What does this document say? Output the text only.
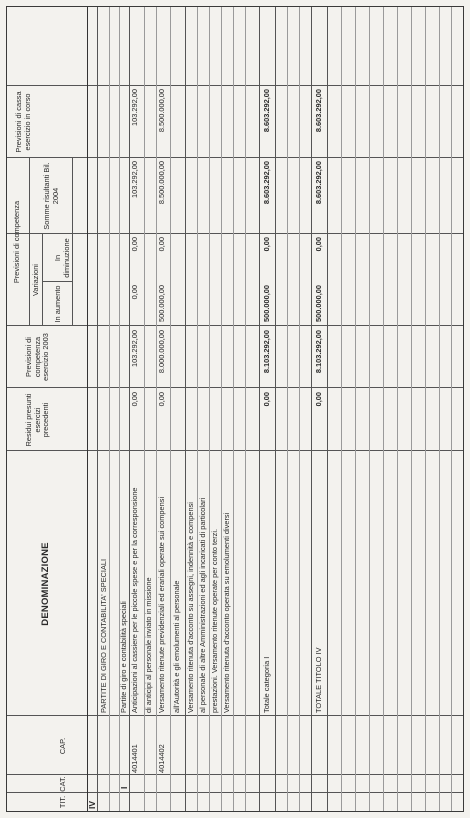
TIT.
CAT.
CAP.
DENOMINAZIONE
Residui presunti esercizi precedenti
Previsioni di competenza esercizio 2003
Previsioni di competenza Variazioni
In aumento
In diminuzione
Somme risultanti Bil. 2004
Previsioni di cassa esercizio in corso
IV
PARTITE DI GIRO E CONTABILITA' SPECIALI
I
Partite di giro e contabilità speciali
4014401
Anticipazioni al cassiere per le piccole spese e per la corresponsione di anticipi al personale inviato in missione
0,00
103.292,00
0,00
0,00
103.292,00
103.292,00
4014402
Versamento ritenute previdenziali ed erariali operate sui compensi all'Autorità e gli emolumenti al personale Versamento ritenuta d'acconto su assegni, indennità e compensi al personale di altre Amministrazioni ed agli incaricati di particolari prestazioni. Versamento ritenute operate per conto terzi. Versamento ritenuta d'acconto operata su emolumenti diversi
0,00
8.000.000,00
500.000,00
0,00
8.500.000,00
8.500.000,00
Totale categoria I
0,00
8.103.292,00
500.000,00
0,00
8.603.292,00
8.603.292,00
TOTALE TITOLO IV
0,00
8.103.292,00
500.000,00
0,00
8.603.292,00
8.603.292,00
